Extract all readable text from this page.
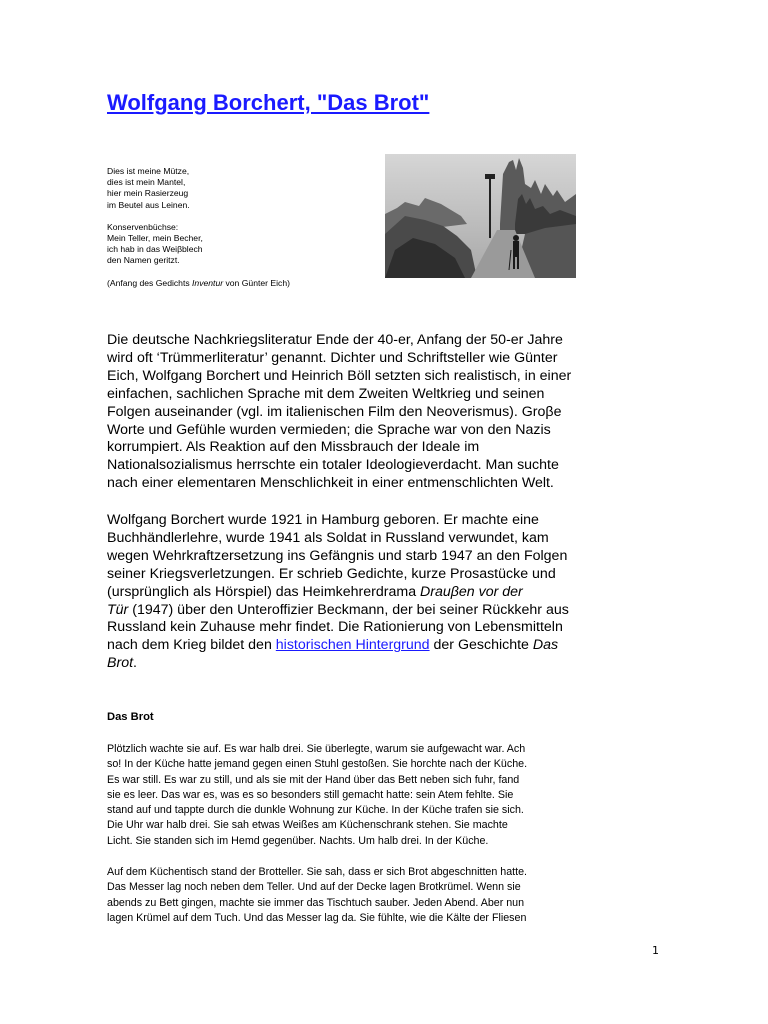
Wolfgang Borchert, "Das Brot"

Dies ist meine Mütze,
dies ist mein Mantel,
hier mein Rasierzeug
im Beutel aus Leinen.

Konservenbüchse:
Mein Teller, mein Becher,
ich hab in das Weiβblech
den Namen geritzt.

(Anfang des Gedichts Inventur von Günter Eich)

Die deutsche Nachkriegsliteratur Ende der 40-er, Anfang der 50-er Jahre
wird oft ‘Trümmerliteratur’ genannt. Dichter und Schriftsteller wie Günter
Eich, Wolfgang Borchert und Heinrich Böll setzten sich realistisch, in einer
einfachen, sachlichen Sprache mit dem Zweiten Weltkrieg und seinen
Folgen auseinander (vgl. im italienischen Film den Neoverismus). Groβe
Worte und Gefühle wurden vermieden; die Sprache war von den Nazis
korrumpiert. Als Reaktion auf den Missbrauch der Ideale im
Nationalsozialismus herrschte ein totaler Ideologieverdacht. Man suchte
nach einer elementaren Menschlichkeit in einer entmenschlichten Welt.
Wolfgang Borchert wurde 1921 in Hamburg geboren. Er machte eine
Buchhändlerlehre, wurde 1941 als Soldat in Russland verwundet, kam
wegen Wehrkraftzersetzung ins Gefängnis und starb 1947 an den Folgen
seiner Kriegsverletzungen. Er schrieb Gedichte, kurze Prosastücke und
(ursprünglich als Hörspiel) das Heimkehrerdrama Drauβen vor der
Tür (1947) über den Unteroffizier Beckmann, der bei seiner Rückkehr aus
Russland kein Zuhause mehr findet. Die Rationierung von Lebensmitteln
nach dem Krieg bildet den historischen Hintergrund der Geschichte Das
Brot.
Das Brot
Plötzlich wachte sie auf. Es war halb drei. Sie überlegte, warum sie aufgewacht war. Ach
so! In der Küche hatte jemand gegen einen Stuhl gestoßen. Sie horchte nach der Küche.
Es war still. Es war zu still, und als sie mit der Hand über das Bett neben sich fuhr, fand
sie es leer. Das war es, was es so besonders still gemacht hatte: sein Atem fehlte. Sie
stand auf und tappte durch die dunkle Wohnung zur Küche. In der Küche trafen sie sich.
Die Uhr war halb drei. Sie sah etwas Weißes am Küchenschrank stehen. Sie machte
Licht. Sie standen sich im Hemd gegenüber. Nachts. Um halb drei. In der Küche.
Auf dem Küchentisch stand der Brotteller. Sie sah, dass er sich Brot abgeschnitten hatte.
Das Messer lag noch neben dem Teller. Und auf der Decke lagen Brotkrümel. Wenn sie
abends zu Bett gingen, machte sie immer das Tischtuch sauber. Jeden Abend. Aber nun
lagen Krümel auf dem Tuch. Und das Messer lag da. Sie fühlte, wie die Kälte der Fliesen
1
